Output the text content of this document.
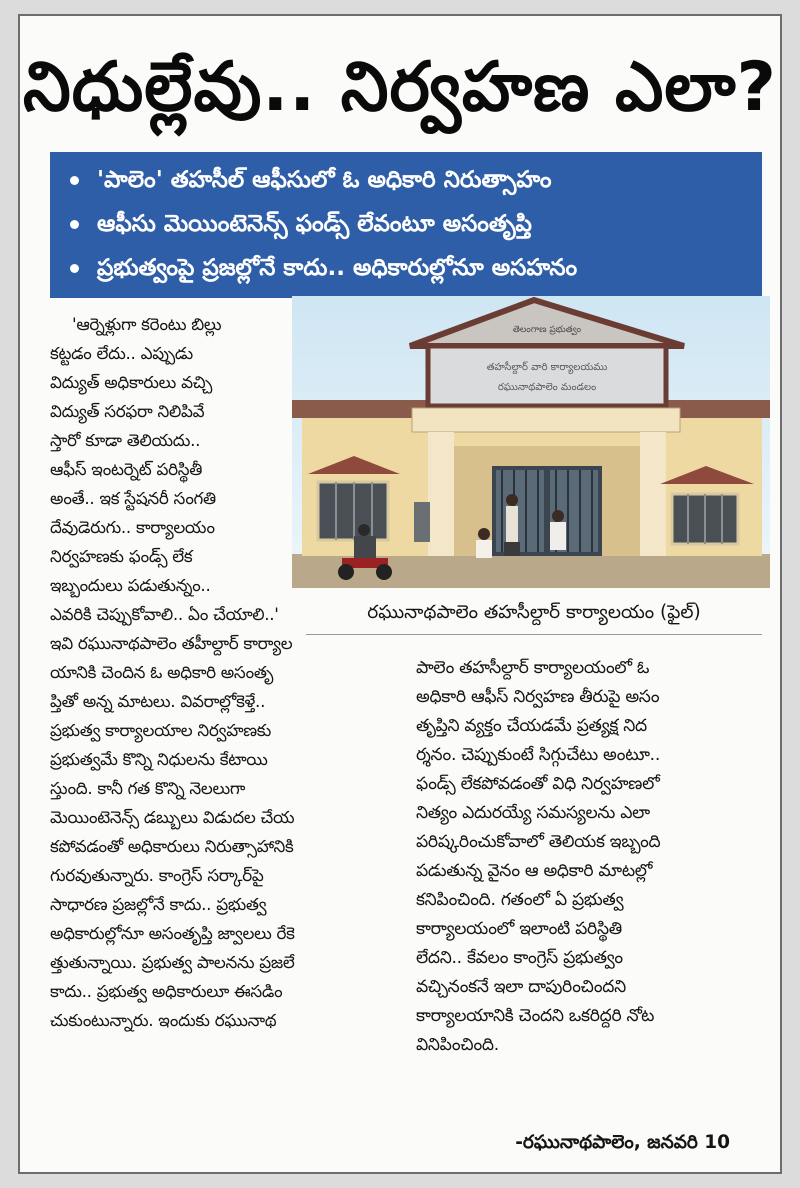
నిధుల్లేవు.. నిర్వహణ ఎలా?
'పాలెం' తహసీల్ ఆఫీసులో ఓ అధికారి నిరుత్సాహం
ఆఫీసు మెయింటెనెన్స్ ఫండ్స్ లేవంటూ అసంతృప్తి
ప్రభుత్వంపై ప్రజల్లోనే కాదు.. అధికారుల్లోనూ అసహనం
'ఆర్నెళ్లుగా కరెంటు బిల్లు
కట్టడం లేదు.. ఎప్పుడు
విద్యుత్ అధికారులు వచ్చి
విద్యుత్ సరఫరా నిలిపివే
స్తారో కూడా తెలియదు..
ఆఫీస్ ఇంటర్నెట్ పరిస్థితీ
అంతే.. ఇక స్టేషనరీ సంగతి
దేవుడెరుగు.. కార్యాలయం
నిర్వహణకు ఫండ్స్ లేక
ఇబ్బందులు పడుతున్నం..
ఎవరికి చెప్పుకోవాలి.. ఏం చేయాలి..'
ఇవి రఘునాథపాలెం తహీల్దార్ కార్యాల
యానికి చెందిన ఓ అధికారి అసంతృ
ప్తితో అన్న మాటలు. వివరాల్లోకెళ్తే..
ప్రభుత్వ కార్యాలయాల నిర్వహణకు
ప్రభుత్వమే కొన్ని నిధులను కేటాయి
స్తుంది. కానీ గత కొన్ని నెలలుగా
మెయింటెనెన్స్ డబ్బులు విడుదల చేయ
కపోవడంతో అధికారులు నిరుత్సాహానికి
గురవుతున్నారు. కాంగ్రెస్ సర్కార్‌పై
సాధారణ ప్రజల్లోనే కాదు.. ప్రభుత్వ
అధికారుల్లోనూ అసంతృప్తి జ్వాలలు రేకె
త్తుతున్నాయి. ప్రభుత్వ పాలనను ప్రజలే
కాదు.. ప్రభుత్వ అధికారులూ ఈసడిం
చుకుంటున్నారు. ఇందుకు రఘునాథ
తెలంగాణ ప్రభుత్వం
తహసీల్దార్ వారి కార్యాలయము
రఘునాథపాలెం మండలం
రఘునాథపాలెం తహసీల్దార్ కార్యాలయం (ఫైల్)
పాలెం తహసీల్దార్ కార్యాలయంలో ఓ
అధికారి ఆఫీస్ నిర్వహణ తీరుపై అసం
తృప్తిని వ్యక్తం చేయడమే ప్రత్యక్ష నిద
ర్శనం. చెప్పుకుంటే సిగ్గుచేటు అంటూ..
ఫండ్స్ లేకపోవడంతో విధి నిర్వహణలో
నిత్యం ఎదురయ్యే సమస్యలను ఎలా
పరిష్కరించుకోవాలో తెలియక ఇబ్బంది
పడుతున్న వైనం ఆ అధికారి మాటల్లో
కనిపించింది. గతంలో ఏ ప్రభుత్వ
కార్యాలయంలో ఇలాంటి పరిస్థితి
లేదని.. కేవలం కాంగ్రెస్ ప్రభుత్వం
వచ్చినంకనే ఇలా దాపురించిందని
కార్యాలయానికి చెందని ఒకరిద్దరి నోట
వినిపించింది.
-రఘునాథపాలెం, జనవరి 10
